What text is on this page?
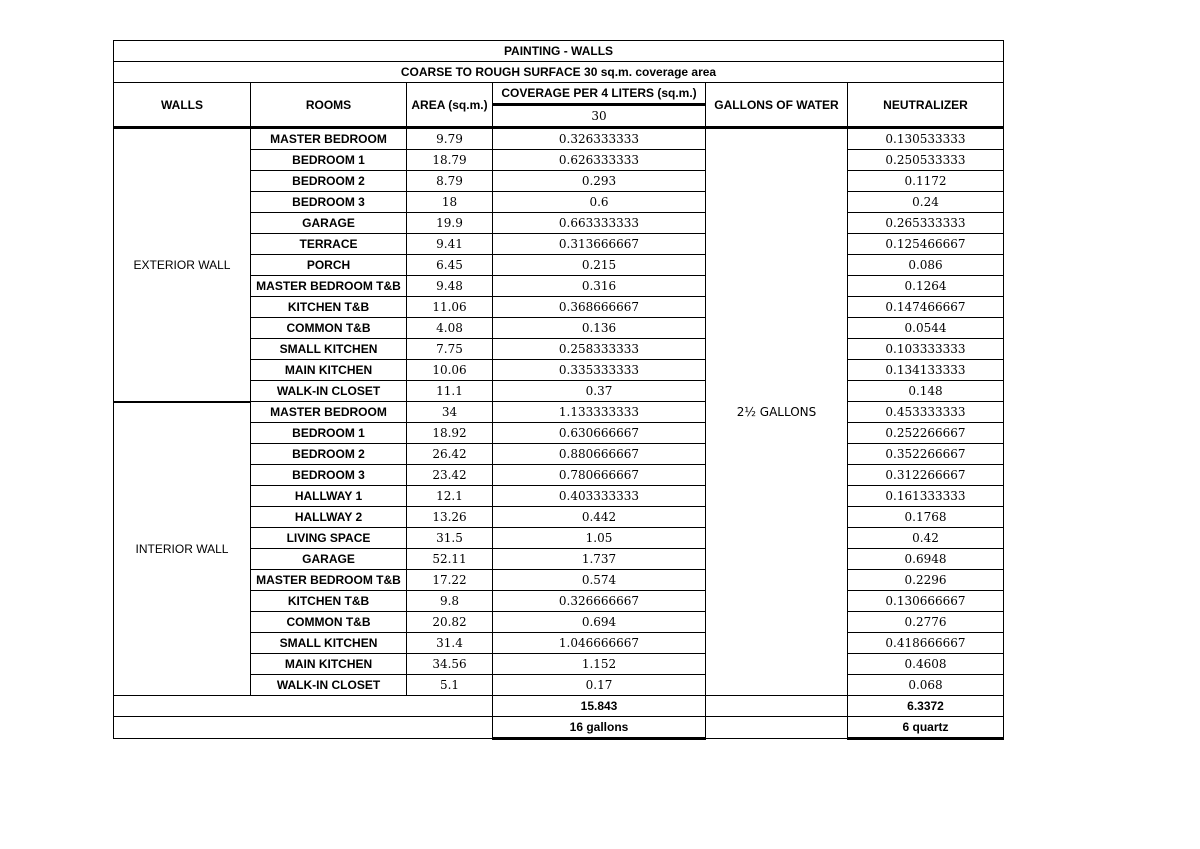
PAINTING - WALLS					
COARSE TO ROUGH SURFACE 30 sq.m. coverage area					
WALLS	ROOMS	AREA (sq.m.)	COVERAGE PER 4 LITERS (sq.m.)	GALLONS OF WATER	NEUTRALIZER
			30		
EXTERIOR WALL	MASTER BEDROOM	9.79	0.326333333	2½ GALLONS	0.130533333
	BEDROOM 1	18.79	0.626333333		0.250533333
	BEDROOM 2	8.79	0.293		0.1172
	BEDROOM 3	18	0.6		0.24
	GARAGE	19.9	0.663333333		0.265333333
	TERRACE	9.41	0.313666667		0.125466667
	PORCH	6.45	0.215		0.086
	MASTER BEDROOM T&B	9.48	0.316		0.1264
	KITCHEN T&B	11.06	0.368666667		0.147466667
	COMMON T&B	4.08	0.136		0.0544
	SMALL KITCHEN	7.75	0.258333333		0.103333333
	MAIN KITCHEN	10.06	0.335333333		0.134133333
	WALK-IN CLOSET	11.1	0.37		0.148
INTERIOR WALL	MASTER BEDROOM	34	1.133333333		0.453333333
	BEDROOM 1	18.92	0.630666667		0.252266667
	BEDROOM 2	26.42	0.880666667		0.352266667
	BEDROOM 3	23.42	0.780666667		0.312266667
	HALLWAY 1	12.1	0.403333333		0.161333333
	HALLWAY 2	13.26	0.442		0.1768
	LIVING SPACE	31.5	1.05		0.42
	GARAGE	52.11	1.737		0.6948
	MASTER BEDROOM T&B	17.22	0.574		0.2296
	KITCHEN T&B	9.8	0.326666667		0.130666667
	COMMON T&B	20.82	0.694		0.2776
	SMALL KITCHEN	31.4	1.046666667		0.418666667
	MAIN KITCHEN	34.56	1.152		0.4608
	WALK-IN CLOSET	5.1	0.17		0.068
			15.843		6.3372
			16 gallons		6 quartz
